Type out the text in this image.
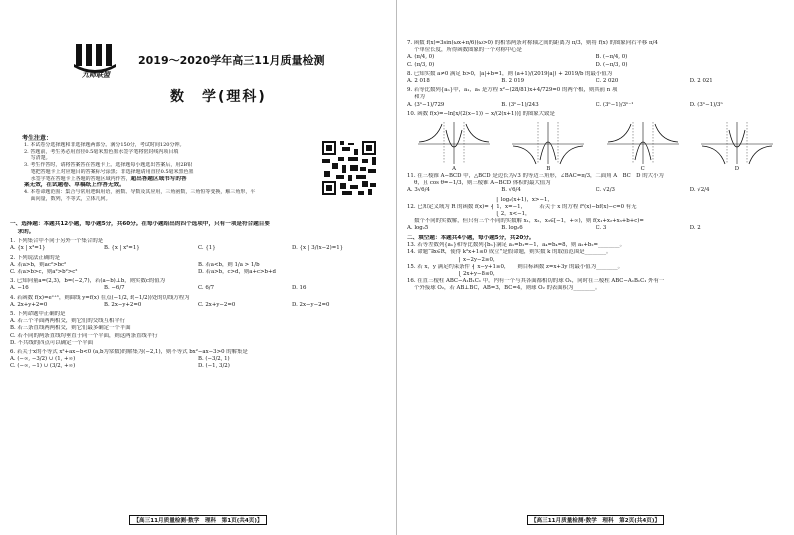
九师联盟
2019～2020学年高三11月质量检测
数　学(理科)
考生注意：
1. 本试卷分选择题和非选择题两部分。满分150分，考试时间120分钟。
2. 答题前，考生务必用直径0.5毫米黑色墨水签字笔将密封线内项目填
　 写清楚。
3. 考生作答时，请将答案答在答题卡上。选择题每小题选出答案后，用2B铅
　 笔把答题卡上对应题目的答案标号涂黑；非选择题请用直径0.5毫米黑色墨
　 水签字笔在答题卡上各题的答题区域内作答，超出答题区域书写的答
案无效，在试题卷、草稿纸上作答无效。
4. 本卷命题范围：集合与常用逻辑用语，函数、导数及其应用，三角函数，三角恒等变换，解三角形，平
　 面向量，数列，不等式，立体几何。
一、选择题：本题共12小题，每小题5分，共60分。在每小题给出的四个选项中，只有一项是符合题目要
　 求的。
1. 下列集合中不同于另外一个集合的是
A. {x | x³=1}	B. {x | x²=1}	C. {1}	D. {x | 3/(x−2)=1}
2. 下列说法正确的是
A. 若a>b，则ac²>bc²	B. 若a<b，则 1/a > 1/b
C. 若a>b>c，则a²>b²>c²	D. 若a>b，c>d，则a+c>b+d
3. 已知向量a=(2,3)，b=(−2,7)，若(a−b)⊥b，则实数c的值为
A. −16	B. −6/7	C. 6/7	D. 16
4. 若函数 f(x)=eˣ⁺¹，则曲线 y=f(x) 在点(−1/2, f(−1/2))处的切线方程为
A. 2x+y+2=0	B. 2x−y+2=0	C. 2x+y−2=0	D. 2x−y−2=0
5. 下列命题中正确的是
A. 若三个平面两两相交，则它们的交线互相平行
B. 若三条直线两两相交，则它们最多确定一个平面
C. 若不同的两条直线均垂直于同一个平面，则这两条直线平行
D. 不共线的四点可以确定一个平面
6. 若关于x的不等式 x²+ax−b<0 (a,b为常数)的解集为(−2,1)，则不等式 bx²−ax−3>0 的解集是
A. (−∞, −3/2) ∪ (1, +∞)	B. (−3/2, 1)
C. (−∞, −1) ∪ (3/2, +∞)	D. (−1, 3/2)
【高三11月质量检测·数学　理科　第1页(共4页)】
7. 函数 f(x)=3sin(ωx+π/6)(ω>0) 的相邻两条对称轴之间的距离为 π/3，则将 f(x) 的图象向右平移 π/4
　 个单位长度，所得函数图象的一个对称中心是
A. (π/4, 0)	B. (−π/4, 0)
C. (π/3, 0)	D. (−π/3, 0)
8. 已知实数 a≠0 满足 b>0，|a|+b=1，则 (a+1)/(2019|a|) + 2019/b 的最小值为
A. 2 018	B. 2 019	C. 2 020	D. 2 021
9. 若等比数列{aₙ}中，a₁，a₅ 是方程 x²−(28/81)x+4/729=0 的两个根，则其前 n 项
　 和为
A. (3ⁿ−1)/729	B. (3ⁿ−1)/243	C. (3ⁿ−1)/3ⁿ⁻¹	D. (3ⁿ−1)/3ⁿ
10. 函数 f(x)=−ln[x/(2(x−1)) − x/(2(x+1))] 的图象大致是
A	B	C	D
11. 在三棱锥 A−BCD 中，△BCD 是边长为√3 的等边三角形，∠BAC=π/3，二面角 A　BC　D 的大小为
　 θ，且 cos θ=−1/3，则三棱锥 A−BCD 体积的最大值为
A. 3√6/4	B. √6/4	C. √2/3	D. √2/4
　　　　　　　　　　　　　　　　 ⎧ log₂(x+1)，x>−1，
12. 已知定义域为 R 的函数 f(x)= ⎨ 1，x=−1，　　　若关于 x 的方程 f²(x)−bf(x)−c=0 有无
　　　　　　　　　　　　　　　　 ⎩ 2，x<−1，
　 数个不同的实数解，但只有三个不同的实数解 x₁，x₂，x₃∈[−1，+∞)，则 f(x₁+x₂+x₃+b+c)=
A. log₂5	B. log₂6	C. 3	D. 2
二、填空题：本题共4小题，每小题5分，共20分。
13. 若等差数列{aₙ}和等比数列{bₙ}满足 a₁=b₁=−1，a₄=b₄=8，则 a₂+b₂=________。
14. 命题“∃x∈R，使得 k²x+1≤0 成立”是假命题，则实数 k 的取值范围是________。
　　　　　　　　　 ⎧ x−2y−2≥0，
15. 若 x，y 满足约束条件 ⎨ x−y+1≥0，　　则目标函数 z=x+3y 的最小值为________。
　　　　　　　　　 ⎩ 2x+y−8≤0，
16. 在直三棱柱 ABC−A₁B₁C₁ 中，内有一个与其各面都相切的球 O₁，同时在三棱柱 ABC−A₁B₁C₁ 外有一
　 个外接球 O₂，若 AB⊥BC，AB=3，BC=4，则球 O₂ 的表面积为________。
【高三11月质量检测·数学　理科　第2页(共4页)】
